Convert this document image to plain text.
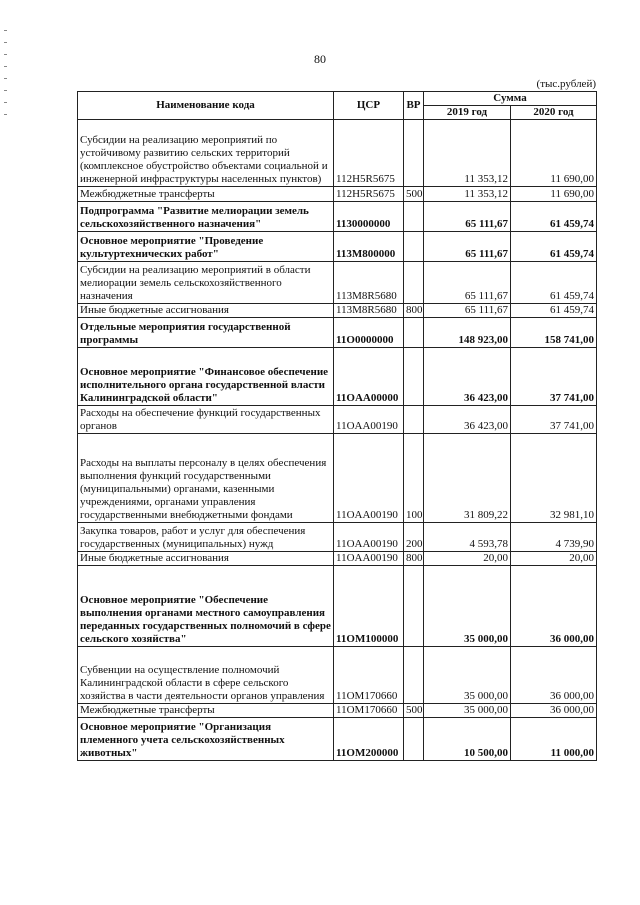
80
(тыс.рублей)
Наименование кода	ЦСР	ВР	Сумма	
			2019 год	2020 год
Субсидии на реализацию мероприятий по устойчивому развитию сельских территорий (комплексное обустройство объектами социальной и инженерной инфраструктуры населенных пунктов)	112H5R5675		11 353,12	11 690,00
Межбюджетные трансферты	112H5R5675	500	11 353,12	11 690,00
Подпрограмма "Развитие мелиорации земель сельскохозяйственного назначения"	1130000000		65 111,67	61 459,74
Основное мероприятие "Проведение культуртехнических работ"	113M800000		65 111,67	61 459,74
Субсидии на реализацию мероприятий в области мелиорации земель сельскохозяйственного назначения	113M8R5680		65 111,67	61 459,74
Иные бюджетные ассигнования	113M8R5680	800	65 111,67	61 459,74
Отдельные мероприятия государственной программы	11O0000000		148 923,00	158 741,00
Основное мероприятие "Финансовое обеспечение исполнительного органа государственной власти Калининградской области"	11OAA00000		36 423,00	37 741,00
Расходы на обеспечение функций государственных органов	11OAA00190		36 423,00	37 741,00
Расходы на выплаты персоналу в целях обеспечения выполнения функций государственными (муниципальными) органами, казенными учреждениями, органами управления государственными внебюджетными фондами	11OAA00190	100	31 809,22	32 981,10
Закупка товаров, работ и услуг для обеспечения государственных (муниципальных) нужд	11OAA00190	200	4 593,78	4 739,90
Иные бюджетные ассигнования	11OAA00190	800	20,00	20,00
Основное мероприятие "Обеспечение выполнения органами местного самоуправления переданных государственных полномочий в сфере сельского хозяйства"	11OM100000		35 000,00	36 000,00
Субвенции на осуществление полномочий Калининградской области в сфере сельского хозяйства в части деятельности органов управления	11OM170660		35 000,00	36 000,00
Межбюджетные трансферты	11OM170660	500	35 000,00	36 000,00
Основное мероприятие "Организация племенного учета сельскохозяйственных животных"	11OM200000		10 500,00	11 000,00
